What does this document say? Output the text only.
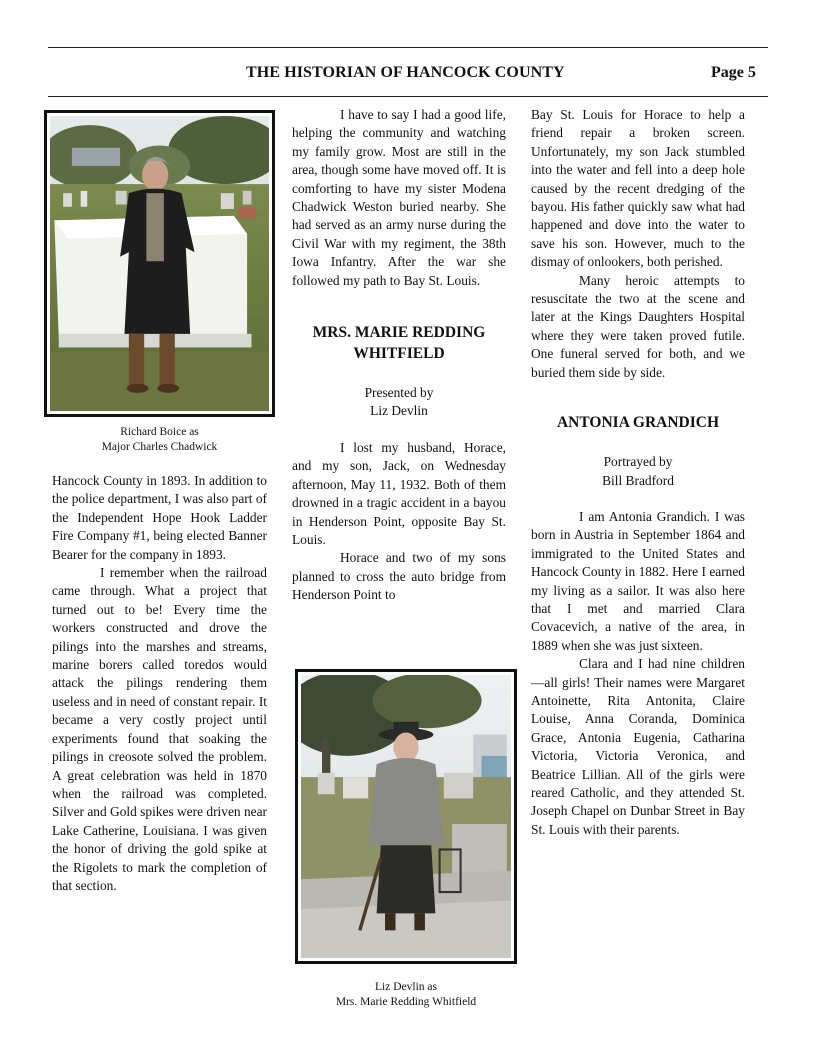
THE HISTORIAN OF HANCOCK COUNTY	Page 5
Richard Boice as
Major Charles Chadwick

Hancock County in 1893. In addition to the police department, I was also part of the Independent Hope Hook Ladder Fire Company #1, being elected Banner Bearer for the company in 1893.

I remember when the railroad came through. What a project that turned out to be! Every time the workers constructed and drove the pilings into the marshes and streams, marine borers called toredos would attack the pilings rendering them useless and in need of constant repair. It became a very costly project until experiments found that soaking the pilings in creosote solved the problem. A great celebration was held in 1870 when the railroad was completed. Silver and Gold spikes were driven near Lake Catherine, Louisiana. I was given the honor of driving the gold spike at the Rigolets to mark the completion of that section.

I have to say I had a good life, helping the community and watching my family grow. Most are still in the area, though some have moved off. It is comforting to have my sister Modena Chadwick Weston buried nearby. She had served as an army nurse during the Civil War with my regiment, the 38th Iowa Infantry. After the war she followed my path to Bay St. Louis.

MRS. MARIE REDDING
WHITFIELD

Presented by

Liz Devlin

I lost my husband, Horace, and my son, Jack, on Wednesday afternoon, May 11, 1932. Both of them drowned in a tragic accident in a bayou in Henderson Point, opposite Bay St. Louis.

Horace and two of my sons planned to cross the auto bridge from Henderson Point to

Liz Devlin as
Mrs. Marie Redding Whitfield

Bay St. Louis for Horace to help a friend repair a broken screen. Unfortunately, my son Jack stumbled into the water and fell into a deep hole caused by the recent dredging of the bayou. His father quickly saw what had happened and dove into the water to save his son. However, much to the dismay of onlookers, both perished.

Many heroic attempts to resuscitate the two at the scene and later at the Kings Daughters Hospital where they were taken proved futile. One funeral served for both, and we buried them side by side.

ANTONIA GRANDICH

Portrayed by

Bill Bradford

I am Antonia Grandich. I was born in Austria in September 1864 and immigrated to the United States and Hancock County in 1882. Here I earned my living as a sailor. It was also here that I met and married Clara Covacevich, a native of the area, in 1889 when she was just sixteen.

Clara and I had nine children—all girls! Their names were Margaret Antoinette, Rita Antonita, Claire Louise, Anna Coranda, Dominica Grace, Antonia Eugenia, Catharina Victoria, Victoria Veronica, and Beatrice Lillian. All of the girls were reared Catholic, and they attended St. Joseph Chapel on Dunbar Street in Bay St. Louis with their parents.
